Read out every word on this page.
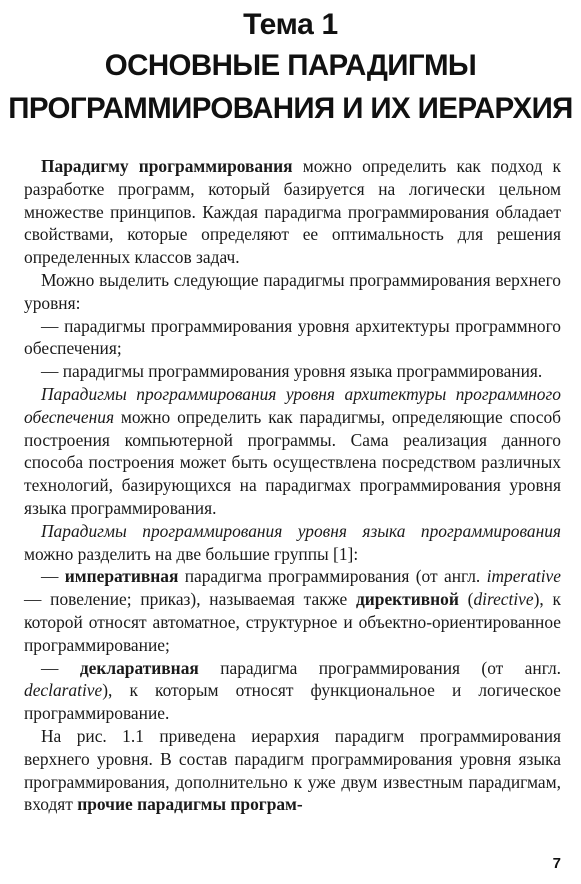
Тема 1
ОСНОВНЫЕ ПАРАДИГМЫ
ПРОГРАММИРОВАНИЯ И ИХ ИЕРАРХИЯ

Парадигму программирования можно определить как подход к разработке программ, который базируется на логически цельном множестве принципов. Каждая парадигма программирования обладает свойствами, которые определяют ее оптимальность для решения определенных классов задач.

Можно выделить следующие парадигмы программирования верхнего уровня:

— парадигмы программирования уровня архитектуры программного обеспечения;

— парадигмы программирования уровня языка программирования.

Парадигмы программирования уровня архитектуры программного обеспечения можно определить как парадигмы, определяющие способ построения компьютерной программы. Сама реализация данного способа построения может быть осуществлена посредством различных технологий, базирующихся на парадигмах программирования уровня языка программирования.

Парадигмы программирования уровня языка программирования можно разделить на две большие группы [1]:

— императивная парадигма программирования (от англ. imperative — повеление; приказ), называемая также директивной (directive), к которой относят автоматное, структурное и объектно-ориентированное программирование;

— декларативная парадигма программирования (от англ. declarative), к которым относят функциональное и логическое программирование.

На рис. 1.1 приведена иерархия парадигм программирования верхнего уровня. В состав парадигм программирования уровня языка программирования, дополнительно к уже двум известным парадигмам, входят прочие парадигмы програм-

7
